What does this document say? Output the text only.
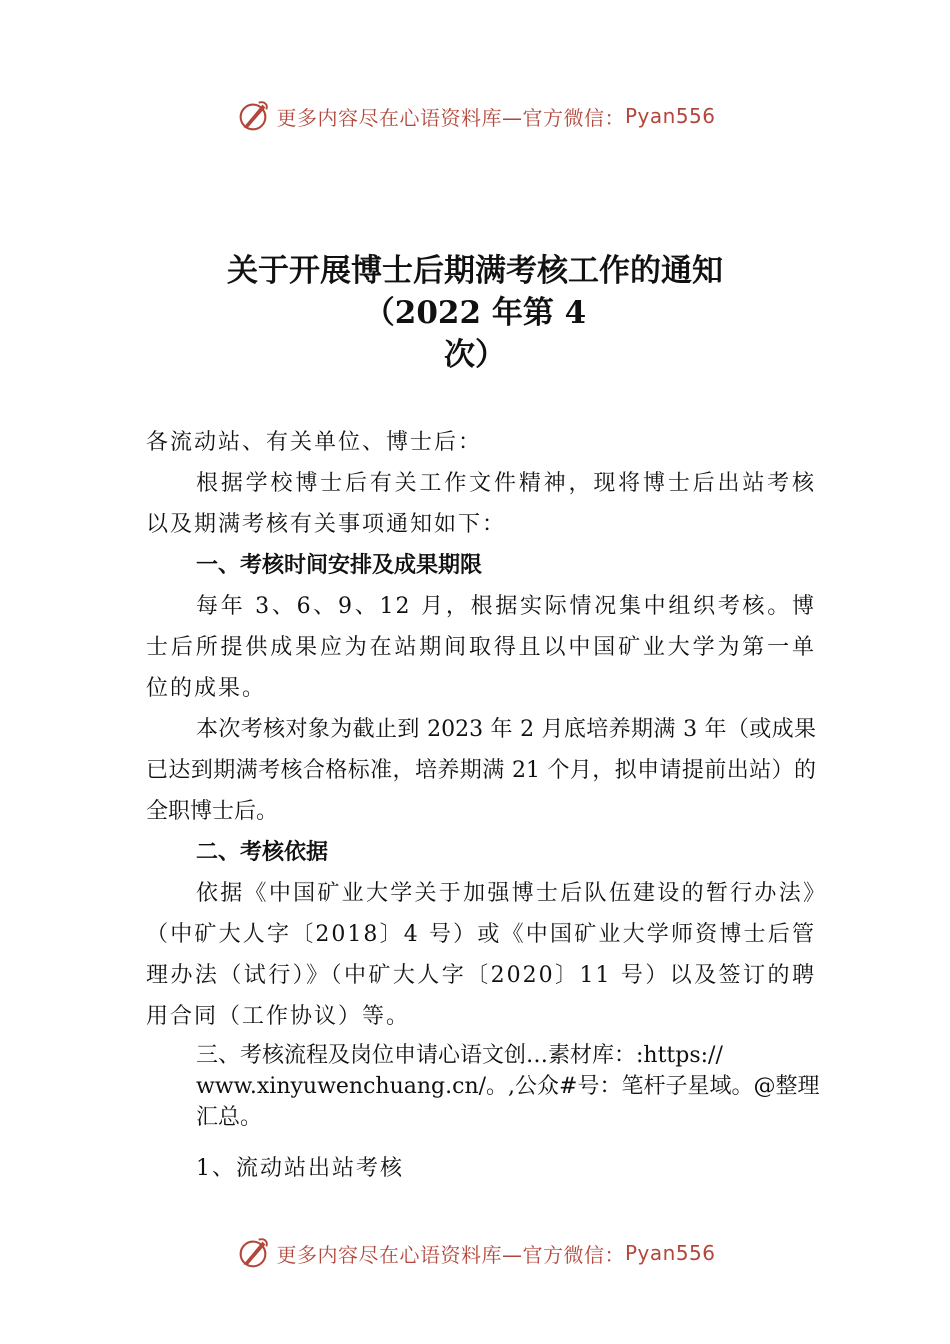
更多内容尽在心语资料库—官方微信： Pyan556
关于开展博士后期满考核工作的通知
（2022 年第 4
次）

各流动站、有关单位、博士后：

根据学校博士后有关工作文件精神，现将博士后出站考核以及期满考核有关事项通知如下：

一、考核时间安排及成果期限

每年 3、6、9、12 月，根据实际情况集中组织考核。博士后所提供成果应为在站期间取得且以中国矿业大学为第一单位的成果。

本次考核对象为截止到 2023 年 2 月底培养期满 3 年（或成果已达到期满考核合格标准，培养期满 21 个月，拟申请提前出站）的全职博士后。

二、考核依据

依据《中国矿业大学关于加强博士后队伍建设的暂行办法》（中矿大人字〔2018〕4 号）或《中国矿业大学师资博士后管理办法（试行）》（中矿大人字〔2020〕11 号）以及签订的聘用合同（工作协议）等。

三、考核流程及岗位申请心语文创…素材库：:https://
www.xinyuwenchuang.cn/。,公众#号：笔杆子星域。@整理
汇总。
1、流动站出站考核
更多内容尽在心语资料库—官方微信： Pyan556
